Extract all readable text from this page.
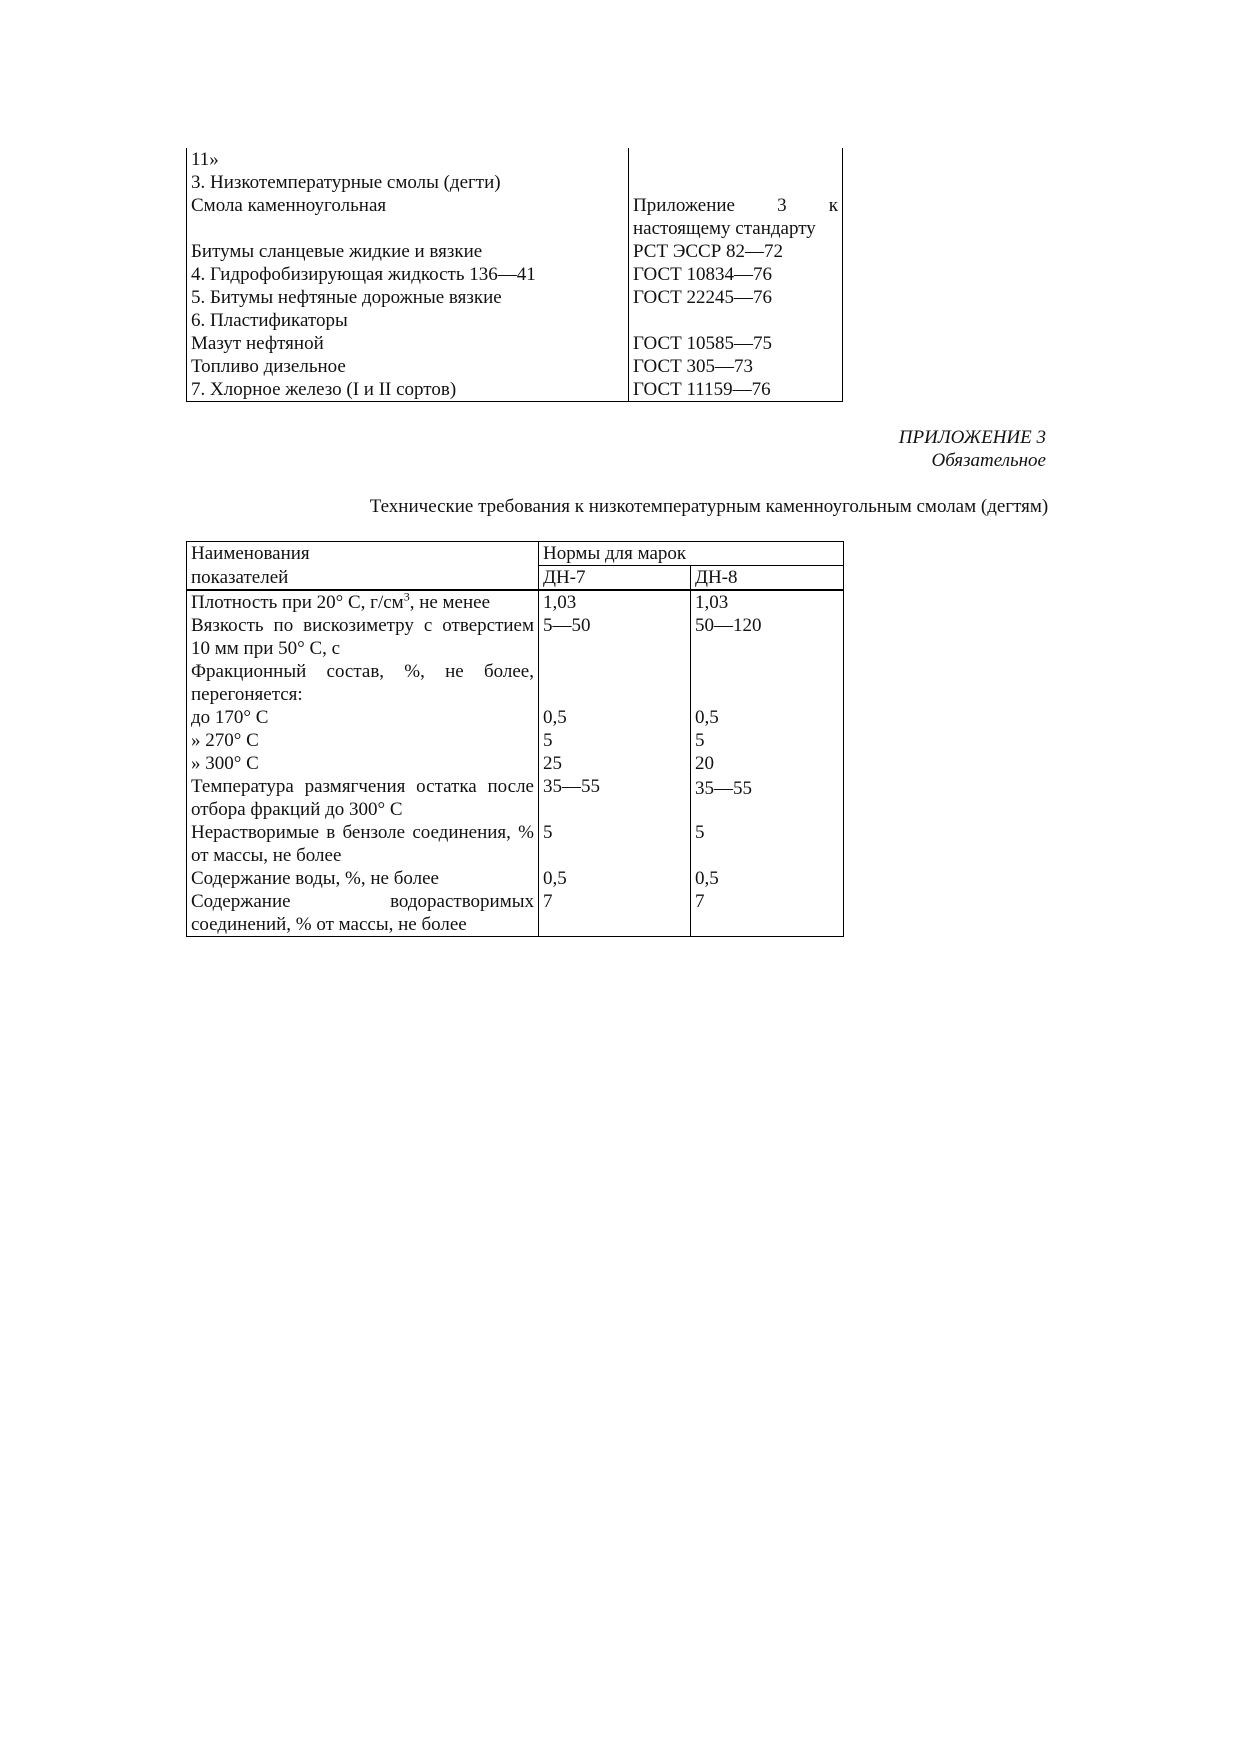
11»	
3. Низкотемпературные смолы (дегти)	
Смола каменноугольная	Приложение 3 к
настоящему стандарту

Битумы сланцевые жидкие и вязкие	РСТ ЭССР 82—72
4. Гидрофобизирующая жидкость 136—41	ГОСТ 10834—76
5. Битумы нефтяные дорожные вязкие	ГОСТ 22245—76
6. Пластификаторы	
Мазут нефтяной	ГОСТ 10585—75
Топливо дизельное	ГОСТ 305—73
7. Хлорное железо (I и II сортов)	ГОСТ 11159—76
ПРИЛОЖЕНИЕ 3
Обязательное
Технические требования к низкотемпературным каменноугольным смолам (дегтям)
Наименования	Нормы для марок	
показателей	ДН-7	ДН-8
Плотность при 20° С, $г/см^3$, не менее	1,03	1,03
Вязкость по вискозиметру с отверстием 10 мм при 50° С, с	5—50	50—120
Фракционный состав, %, не более, перегоняется:		
до 170° С	0,5	0,5
» 270° С	5	5
» 300° С	25	20
Температура размягчения остатка после отбора фракций до 300° С	35—55	35—55
Нерастворимые в бензоле соединения, % от массы, не более	5	5
Содержание воды, %, не более	0,5	0,5
Содержание водорастворимых соединений, % от массы, не более	7	7
